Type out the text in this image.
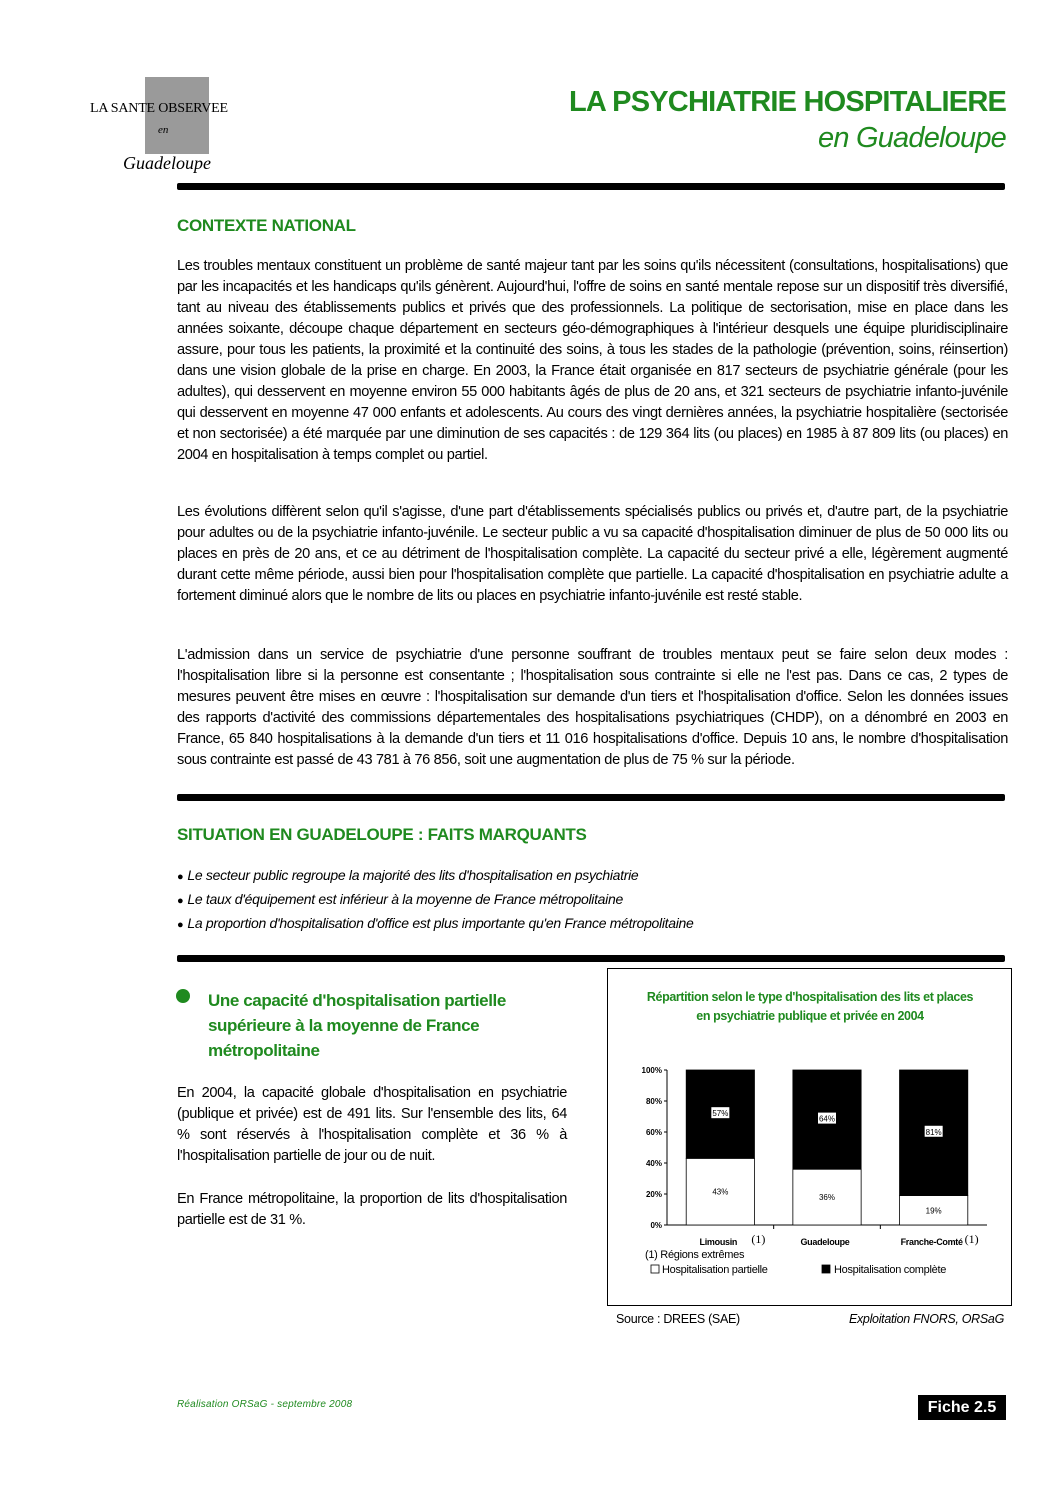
LA SANTE OBSERVEE
en
Guadeloupe
LA PSYCHIATRIE HOSPITALIERE
en Guadeloupe
CONTEXTE NATIONAL

Les troubles mentaux constituent un problème de santé majeur tant par les soins qu'ils nécessitent (consultations, hospitalisations) que par les incapacités et les handicaps qu'ils génèrent. Aujourd'hui, l'offre de soins en santé mentale repose sur un dispositif très diversifié, tant au niveau des établissements publics et privés que des professionnels. La politique de sectorisation, mise en place dans les années soixante, découpe chaque département en secteurs géo-démographiques à l'intérieur desquels une équipe pluridisciplinaire assure, pour tous les patients, la proximité et la continuité des soins, à tous les stades de la pathologie (prévention, soins, réinsertion) dans une vision globale de la prise en charge. En 2003, la France était organisée en 817 secteurs de psychiatrie générale (pour les adultes), qui desservent en moyenne environ 55 000 habitants âgés de plus de 20 ans, et 321 secteurs de psychiatrie infanto-juvénile qui desservent en moyenne 47 000 enfants et adolescents. Au cours des vingt dernières années, la psychiatrie hospitalière (sectorisée et non sectorisée) a été marquée par une diminution de ses capacités : de 129 364 lits (ou places) en 1985 à 87 809 lits (ou places) en 2004 en hospitalisation à temps complet ou partiel.

Les évolutions diffèrent selon qu'il s'agisse, d'une part d'établissements spécialisés publics ou privés et, d'autre part, de la psychiatrie pour adultes ou de la psychiatrie infanto-juvénile. Le secteur public a vu sa capacité d'hospitalisation diminuer de plus de 50 000 lits ou places en près de 20 ans, et ce au détriment de l'hospitalisation complète. La capacité du secteur privé a elle, légèrement augmenté durant cette même période, aussi bien pour l'hospitalisation complète que partielle. La capacité d'hospitalisation en psychiatrie adulte a fortement diminué alors que le nombre de lits ou places en psychiatrie infanto-juvénile est resté stable.

L'admission dans un service de psychiatrie d'une personne souffrant de troubles mentaux peut se faire selon deux modes : l'hospitalisation libre si la personne est consentante ; l'hospitalisation sous contrainte si elle ne l'est pas. Dans ce cas, 2 types de mesures peuvent être mises en œuvre : l'hospitalisation sur demande d'un tiers et l'hospitalisation d'office. Selon les données issues des rapports d'activité des commissions départementales des hospitalisations psychiatriques (CHDP), on a dénombré en 2003 en France, 65 840 hospitalisations à la demande d'un tiers et 11 016 hospitalisations d'office. Depuis 10 ans, le nombre d'hospitalisation sous contrainte est passé de 43 781 à 76 856, soit une augmentation de plus de 75 % sur la période.

SITUATION EN GUADELOUPE : FAITS MARQUANTS
● Le secteur public regroupe la majorité des lits d'hospitalisation en psychiatrie
● Le taux d'équipement est inférieur à la moyenne de France métropolitaine
● La proportion d'hospitalisation d'office est plus importante qu'en France métropolitaine
Une capacité d'hospitalisation partielle supérieure à la moyenne de France métropolitaine

En 2004, la capacité globale d'hospitalisation en psychiatrie (publique et privée) est de 491 lits. Sur l'ensemble des lits, 64 % sont réservés à l'hospitalisation complète et 36 % à l'hospitalisation partielle de jour ou de nuit.

En France métropolitaine, la proportion de lits d'hospitalisation partielle est de 31 %.

Répartition selon le type d'hospitalisation des lits et places en psychiatrie publique et privée en 2004
0%
20%
40%
60%
80%
100%
43%
57%
Limousin (1)
36%
64%
Guadeloupe
19%
81%
Franche-Comté (1)
(1) Régions extrêmes
Hospitalisation partielle	Hospitalisation complète
Source : DREES (SAE)	Exploitation FNORS, ORSaG
Réalisation ORSaG - septembre 2008	Fiche 2.5
